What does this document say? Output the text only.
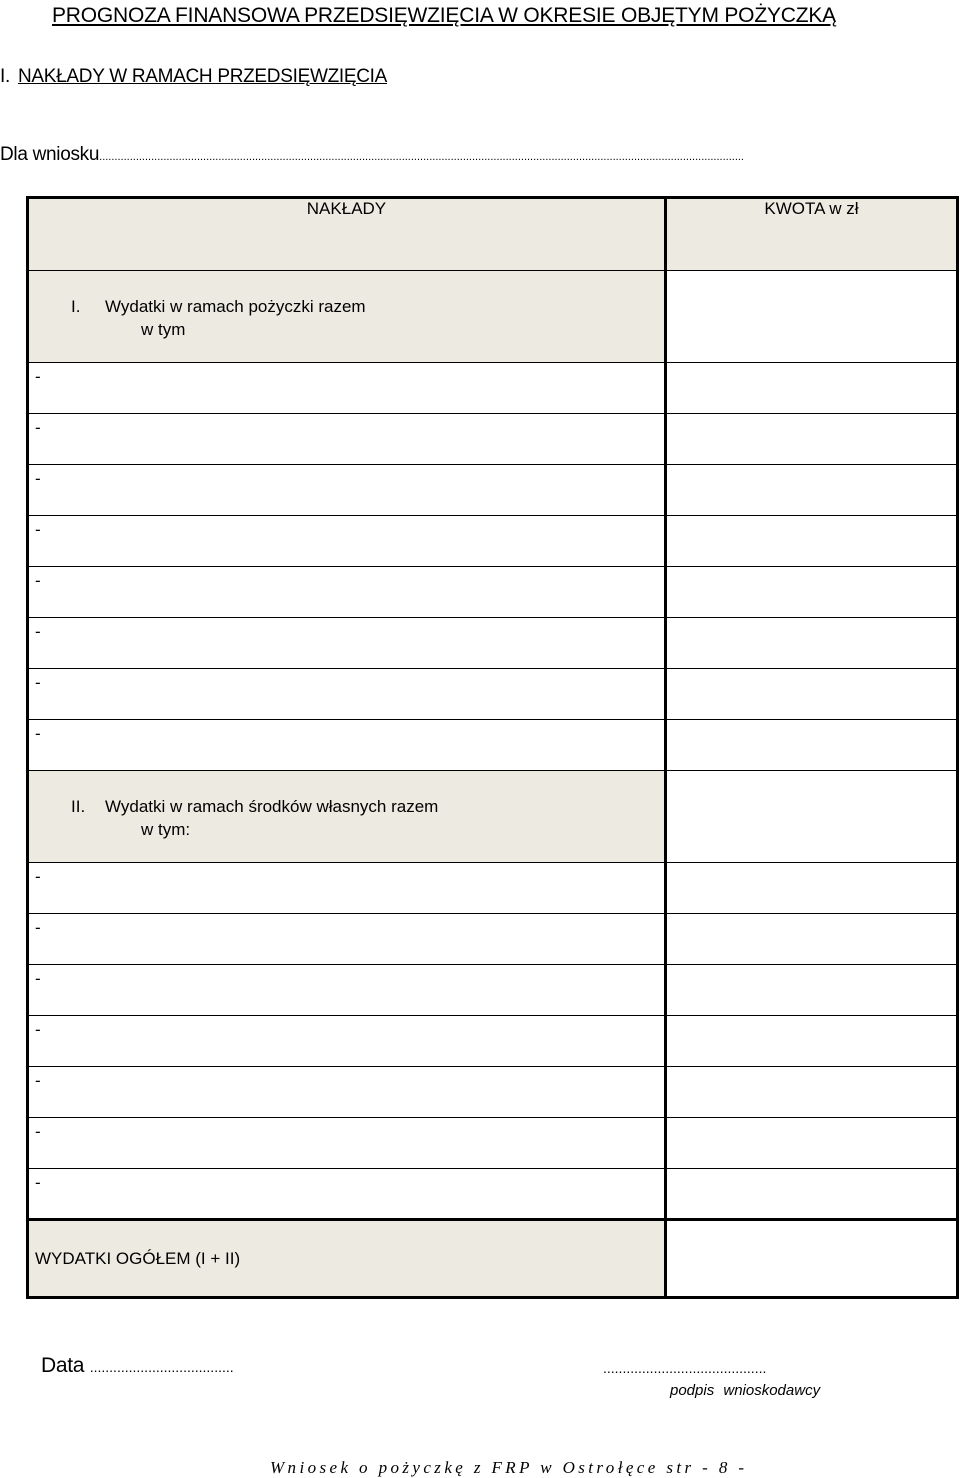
PROGNOZA FINANSOWA PRZEDSIĘWZIĘCIA W OKRESIE OBJĘTYM POŻYCZKĄ
I. NAKŁADY W RAMACH PRZEDSIĘWZIĘCIA
Dla wniosku...................................................................................................................................................................................................................
NAKŁADY	KWOTA w zł

I. Wydatki w ramach pożyczki razem
w tym	

-	

-	

-	

-	

-	

-	

-	

-	

II. Wydatki w ramach środków własnych razem
w tym:	

-	

-	

-	

-	

-	

-	

-	

WYDATKI OGÓŁEM (I + II)	
Data .....................................	..........................................
podpis wnioskodawcy
Wniosek o pożyczkę z FRP w Ostrołęce str - 8 -
